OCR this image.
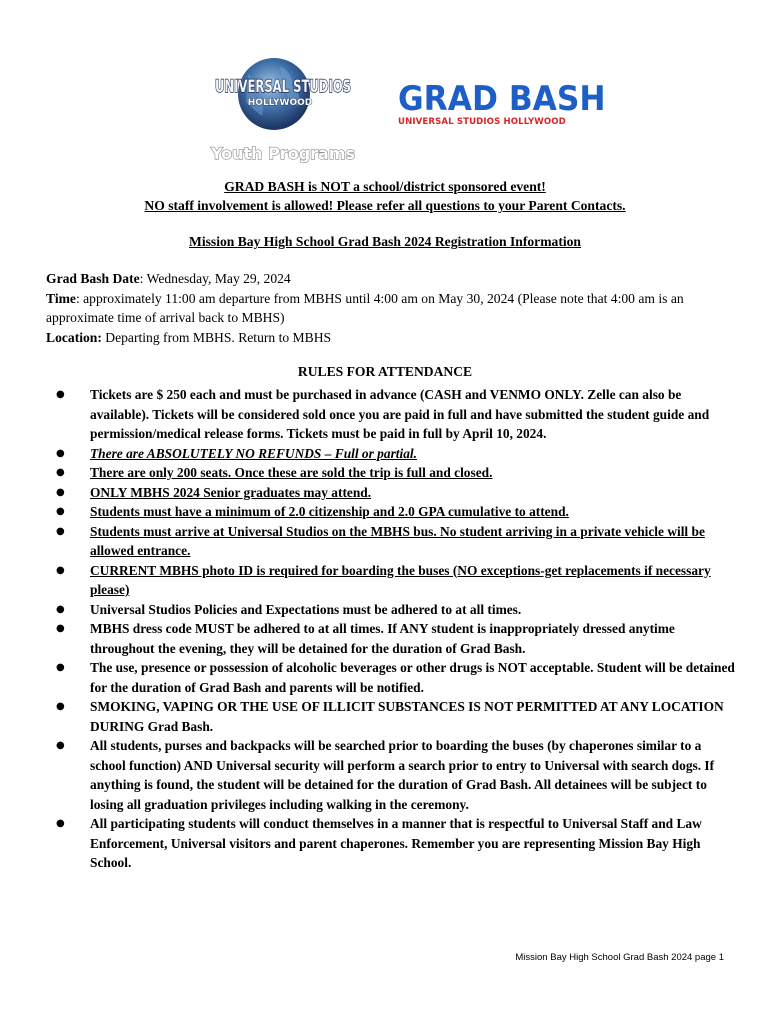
UNIVERSAL STUDIOS
HOLLYWOOD
Youth Programs
GRAD BASH
UNIVERSAL STUDIOS HOLLYWOOD
GRAD BASH is NOT a school/district sponsored event!
NO staff involvement is allowed! Please refer all questions to your Parent Contacts.
Mission Bay High School Grad Bash 2024 Registration Information
Grad Bash Date: Wednesday, May 29, 2024
Time: approximately 11:00 am departure from MBHS until 4:00 am on May 30, 2024 (Please note that 4:00 am is an approximate time of arrival back to MBHS)
Location: Departing from MBHS. Return to MBHS
RULES FOR ATTENDANCE
● Tickets are $ 250 each and must be purchased in advance (CASH and VENMO ONLY. Zelle can also be available). Tickets will be considered sold once you are paid in full and have submitted the student guide and permission/medical release forms. Tickets must be paid in full by April 10, 2024.
● There are ABSOLUTELY NO REFUNDS – Full or partial.
● There are only 200 seats. Once these are sold the trip is full and closed.
● ONLY MBHS 2024 Senior graduates may attend.
● Students must have a minimum of 2.0 citizenship and 2.0 GPA cumulative to attend.
● Students must arrive at Universal Studios on the MBHS bus. No student arriving in a private vehicle will be allowed entrance.
● CURRENT MBHS photo ID is required for boarding the buses (NO exceptions-get replacements if necessary please)
● Universal Studios Policies and Expectations must be adhered to at all times.
● MBHS dress code MUST be adhered to at all times. If ANY student is inappropriately dressed anytime throughout the evening, they will be detained for the duration of Grad Bash.
● The use, presence or possession of alcoholic beverages or other drugs is NOT acceptable. Student will be detained for the duration of Grad Bash and parents will be notified.
● SMOKING, VAPING OR THE USE OF ILLICIT SUBSTANCES IS NOT PERMITTED AT ANY LOCATION DURING Grad Bash.
● All students, purses and backpacks will be searched prior to boarding the buses (by chaperones similar to a school function) AND Universal security will perform a search prior to entry to Universal with search dogs. If anything is found, the student will be detained for the duration of Grad Bash. All detainees will be subject to losing all graduation privileges including walking in the ceremony.
● All participating students will conduct themselves in a manner that is respectful to Universal Staff and Law Enforcement, Universal visitors and parent chaperones. Remember you are representing Mission Bay High School.
Mission Bay High School Grad Bash 2024 page 1
